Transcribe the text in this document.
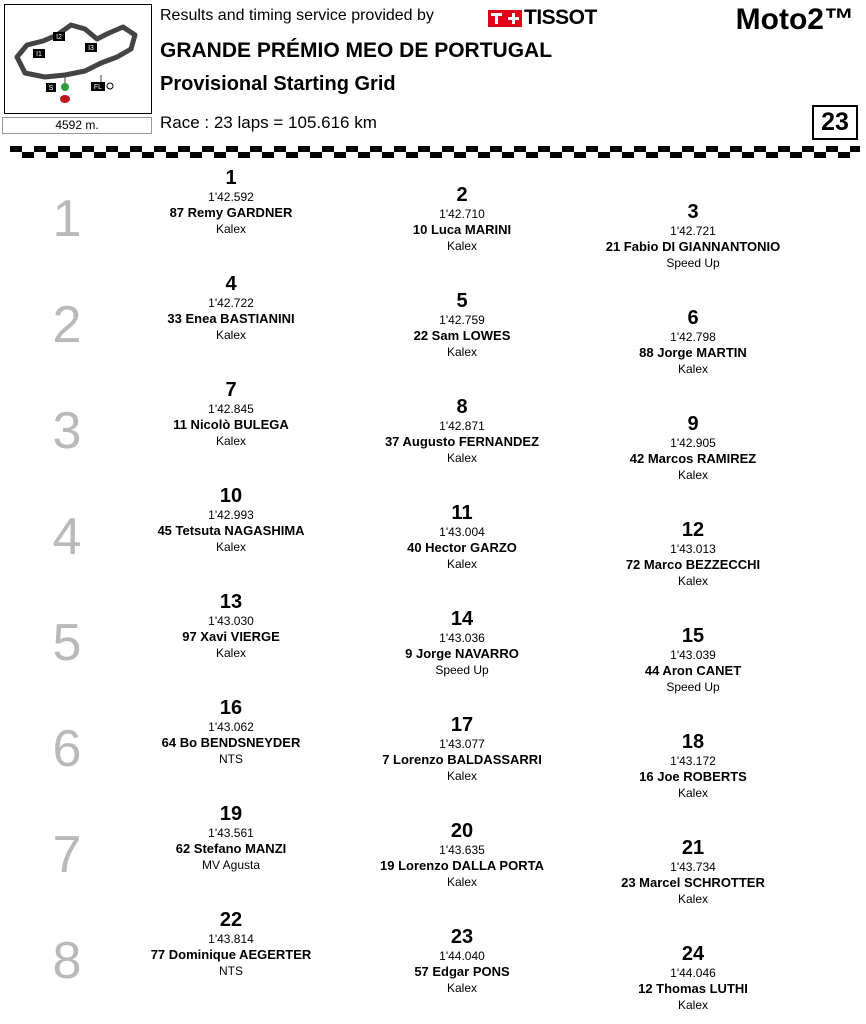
I1
I2
I3
S	FL
4592 m.
Results and timing service provided by	TISSOT
GRANDE PRÉMIO MEO DE PORTUGAL
Provisional Starting Grid
Race : 23 laps = 105.616 km
Moto2™
23
1
2
3
4
5
6
7
8
1
1'42.592
87 Remy GARDNER
Kalex
2
1'42.710
10 Luca MARINI
Kalex
3
1'42.721
21 Fabio DI GIANNANTONIO
Speed Up
4
1'42.722
33 Enea BASTIANINI
Kalex
5
1'42.759
22 Sam LOWES
Kalex
6
1'42.798
88 Jorge MARTIN
Kalex
7
1'42.845
11 Nicolò BULEGA
Kalex
8
1'42.871
37 Augusto FERNANDEZ
Kalex
9
1'42.905
42 Marcos RAMIREZ
Kalex
10
1'42.993
45 Tetsuta NAGASHIMA
Kalex
11
1'43.004
40 Hector GARZO
Kalex
12
1'43.013
72 Marco BEZZECCHI
Kalex
13
1'43.030
97 Xavi VIERGE
Kalex
14
1'43.036
9 Jorge NAVARRO
Speed Up
15
1'43.039
44 Aron CANET
Speed Up
16
1'43.062
64 Bo BENDSNEYDER
NTS
17
1'43.077
7 Lorenzo BALDASSARRI
Kalex
18
1'43.172
16 Joe ROBERTS
Kalex
19
1'43.561
62 Stefano MANZI
MV Agusta
20
1'43.635
19 Lorenzo DALLA PORTA
Kalex
21
1'43.734
23 Marcel SCHROTTER
Kalex
22
1'43.814
77 Dominique AEGERTER
NTS
23
1'44.040
57 Edgar PONS
Kalex
24
1'44.046
12 Thomas LUTHI
Kalex
